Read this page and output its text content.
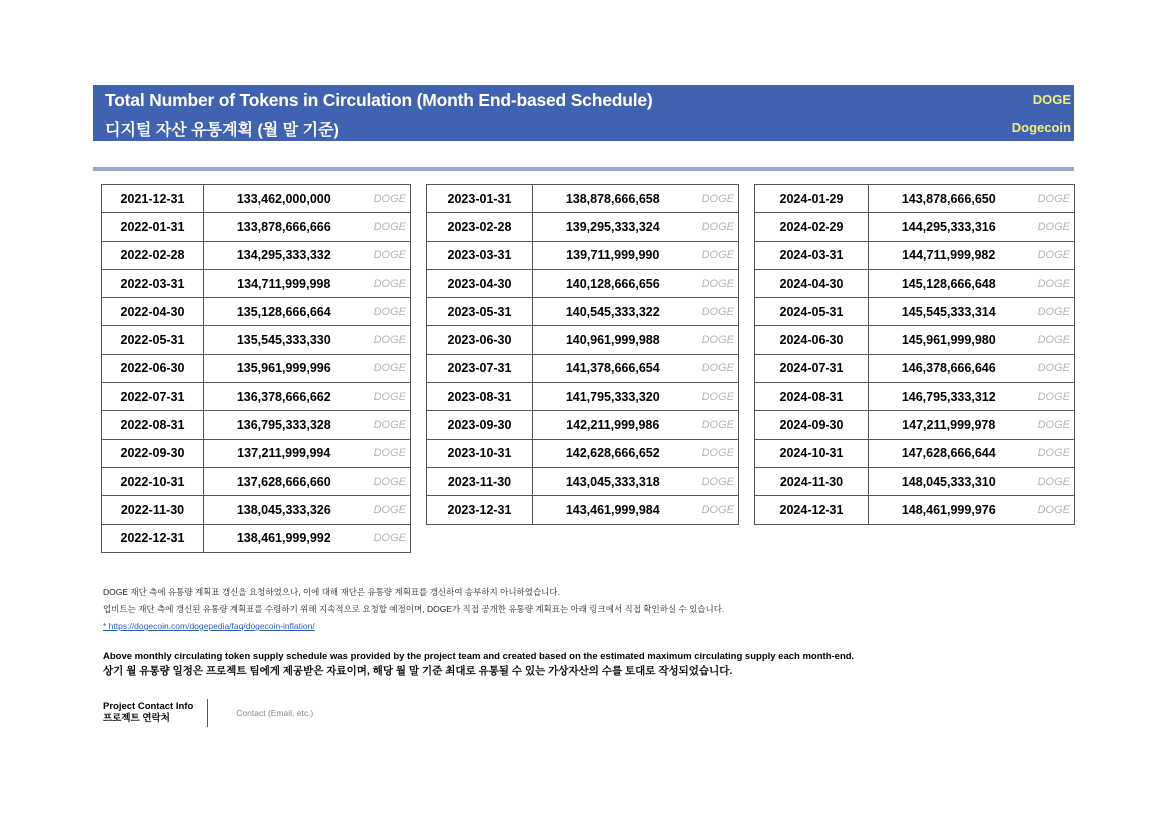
Total Number of Tokens in Circulation (Month End-based Schedule)
디지털 자산 유통계획 (월 말 기준)
DOGE
Dogecoin
2021-12-31	133,462,000,000	DOGE
2022-01-31	133,878,666,666	DOGE
2022-02-28	134,295,333,332	DOGE
2022-03-31	134,711,999,998	DOGE
2022-04-30	135,128,666,664	DOGE
2022-05-31	135,545,333,330	DOGE
2022-06-30	135,961,999,996	DOGE
2022-07-31	136,378,666,662	DOGE
2022-08-31	136,795,333,328	DOGE
2022-09-30	137,211,999,994	DOGE
2022-10-31	137,628,666,660	DOGE
2022-11-30	138,045,333,326	DOGE
2022-12-31	138,461,999,992	DOGE
2023-01-31	138,878,666,658	DOGE
2023-02-28	139,295,333,324	DOGE
2023-03-31	139,711,999,990	DOGE
2023-04-30	140,128,666,656	DOGE
2023-05-31	140,545,333,322	DOGE
2023-06-30	140,961,999,988	DOGE
2023-07-31	141,378,666,654	DOGE
2023-08-31	141,795,333,320	DOGE
2023-09-30	142,211,999,986	DOGE
2023-10-31	142,628,666,652	DOGE
2023-11-30	143,045,333,318	DOGE
2023-12-31	143,461,999,984	DOGE
2024-01-29	143,878,666,650	DOGE
2024-02-29	144,295,333,316	DOGE
2024-03-31	144,711,999,982	DOGE
2024-04-30	145,128,666,648	DOGE
2024-05-31	145,545,333,314	DOGE
2024-06-30	145,961,999,980	DOGE
2024-07-31	146,378,666,646	DOGE
2024-08-31	146,795,333,312	DOGE
2024-09-30	147,211,999,978	DOGE
2024-10-31	147,628,666,644	DOGE
2024-11-30	148,045,333,310	DOGE
2024-12-31	148,461,999,976	DOGE
DOGE 재단 측에 유통량 계획표 갱신을 요청하였으나, 이에 대해 재단은 유통량 계획표를 갱신하여 송부하지 아니하였습니다.
업비트는 재단 측에 갱신된 유통량 계획표를 수령하기 위해 지속적으로 요청할 예정이며, DOGE가 직접 공개한 유통량 계획표는 아래 링크에서 직접 확인하실 수 있습니다.
* https://dogecoin.com/dogepedia/faq/dogecoin-inflation/
Above monthly circulating token supply schedule was provided by the project team and created based on the estimated maximum circulating supply each month-end.
상기 월 유통량 일정은 프로젝트 팀에게 제공받은 자료이며, 해당 월 말 기준 최대로 유통될 수 있는 가상자산의 수를 토대로 작성되었습니다.
Project Contact Info
프로젝트 연락처	Contact (Email, etc.)
